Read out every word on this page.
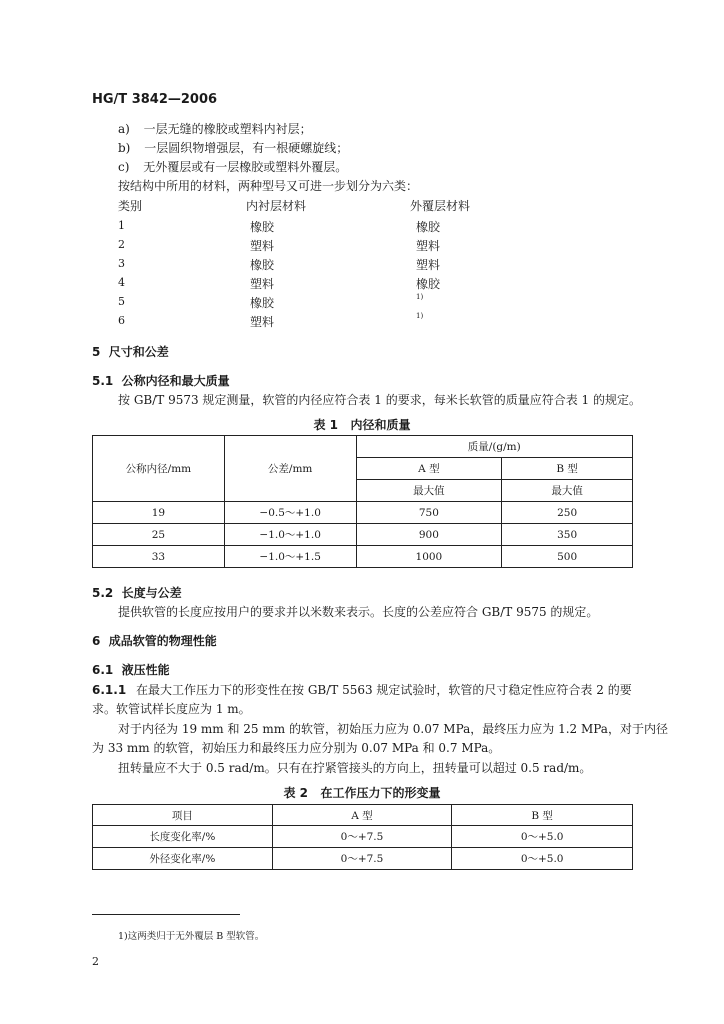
HG/T 3842—2006
a) 一层无缝的橡胶或塑料内衬层；
b) 一层圆织物增强层，有一根硬螺旋线；
c) 无外覆层或有一层橡胶或塑料外覆层。
按结构中所用的材料，两种型号又可进一步划分为六类：
类别	内衬层材料	外覆层材料
1	橡胶	橡胶
2	塑料	塑料
3	橡胶	塑料
4	塑料	橡胶
5	橡胶	1)
6	塑料	1)
5  尺寸和公差
5.1  公称内径和最大质量
按 GB/T 9573 规定测量，软管的内径应符合表 1 的要求，每米长软管的质量应符合表 1 的规定。
表 1   内径和质量
公称内径/mm	公差/mm	质量/(g/m)	
		A 型	B 型
		最大值	最大值
19	−0.5～+1.0	750	250
25	−1.0～+1.0	900	350
33	−1.0～+1.5	1000	500
5.2  长度与公差
提供软管的长度应按用户的要求并以米数来表示。长度的公差应符合 GB/T 9575 的规定。
6  成品软管的物理性能
6.1  液压性能
6.1.1 在最大工作压力下的形变性在按 GB/T 5563 规定试验时，软管的尺寸稳定性应符合表 2 的要
求。软管试样长度应为 1 m。
对于内径为 19 mm 和 25 mm 的软管，初始压力应为 0.07 MPa，最终压力应为 1.2 MPa，对于内径
为 33 mm 的软管，初始压力和最终压力应分别为 0.07 MPa 和 0.7 MPa。
扭转量应不大于 0.5 rad/m。只有在拧紧管接头的方向上，扭转量可以超过 0.5 rad/m。
表 2   在工作压力下的形变量
项目	A 型	B 型
长度变化率/%	0～+7.5	0～+5.0
外径变化率/%	0～+7.5	0～+5.0
1)这两类归于无外覆层 B 型软管。
2
